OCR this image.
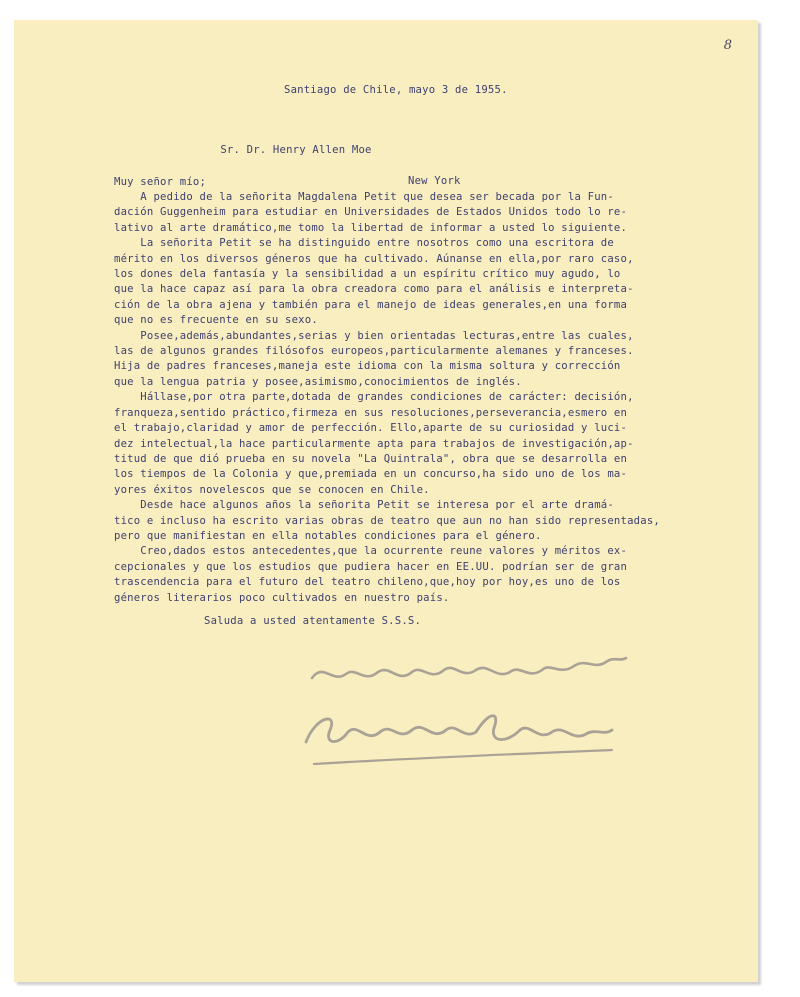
8

Santiago de Chile, mayo 3 de 1955.

Sr. Dr. Henry Allen Moe

New York

Muy señor mío;

A pedido de la señorita Magdalena Petit que desea ser becada por la Fun-
dación Guggenheim para estudiar en Universidades de Estados Unidos todo lo re-
lativo al arte dramático,me tomo la libertad de informar a usted lo siguiente.
La señorita Petit se ha distinguido entre nosotros como una escritora de
mérito en los diversos géneros que ha cultivado. Aúnanse en ella,por raro caso,
los dones dela fantasía y la sensibilidad a un espíritu crítico muy agudo, lo
que la hace capaz así para la obra creadora como para el análisis e interpreta-
ción de la obra ajena y también para el manejo de ideas generales,en una forma
que no es frecuente en su sexo.
Posee,además,abundantes,serias y bien orientadas lecturas,entre las cuales,
las de algunos grandes filósofos europeos,particularmente alemanes y franceses.
Hija de padres franceses,maneja este idioma con la misma soltura y corrección
que la lengua patria y posee,asimismo,conocimientos de inglés.
Hállase,por otra parte,dotada de grandes condiciones de carácter: decisión,
franqueza,sentido práctico,firmeza en sus resoluciones,perseverancia,esmero en
el trabajo,claridad y amor de perfección. Ello,aparte de su curiosidad y luci-
dez intelectual,la hace particularmente apta para trabajos de investigación,ap-
titud de que dió prueba en su novela "La Quintrala", obra que se desarrolla en
los tiempos de la Colonia y que,premiada en un concurso,ha sido uno de los ma-
yores éxitos novelescos que se conocen en Chile.
Desde hace algunos años la señorita Petit se interesa por el arte dramá-
tico e incluso ha escrito varias obras de teatro que aun no han sido representadas,
pero que manifiestan en ella notables condiciones para el género.
Creo,dados estos antecedentes,que la ocurrente reune valores y méritos ex-
cepcionales y que los estudios que pudiera hacer en EE.UU. podrían ser de gran
trascendencia para el futuro del teatro chileno,que,hoy por hoy,es uno de los
géneros literarios poco cultivados en nuestro país.

Saluda a usted atentamente S.S.S.
